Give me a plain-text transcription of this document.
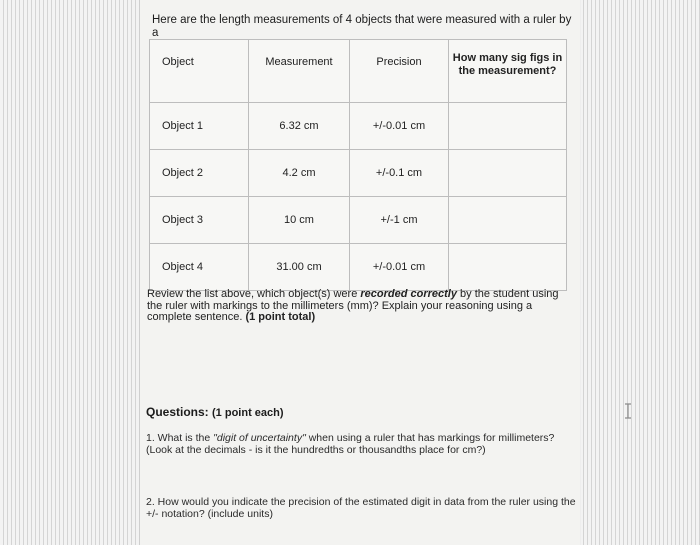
Here are the length measurements of 4 objects that were measured with a ruler by a
Object	Measurement	Precision	How many sig figs in the measurement?
Object 1	6.32 cm	+/-0.01 cm	
Object 2	4.2 cm	+/-0.1 cm	
Object 3	10 cm	+/-1 cm	
Object 4	31.00 cm	+/-0.01 cm	
Review the list above, which object(s) were recorded correctly by the student using the ruler with markings to the millimeters (mm)? Explain your reasoning using a complete sentence. (1 point total)
Questions: (1 point each)
1. What is the "digit of uncertainty" when using a ruler that has markings for millimeters? (Look at the decimals - is it the hundredths or thousandths place for cm?)
2. How would you indicate the precision of the estimated digit in data from the ruler using the +/- notation? (include units)
